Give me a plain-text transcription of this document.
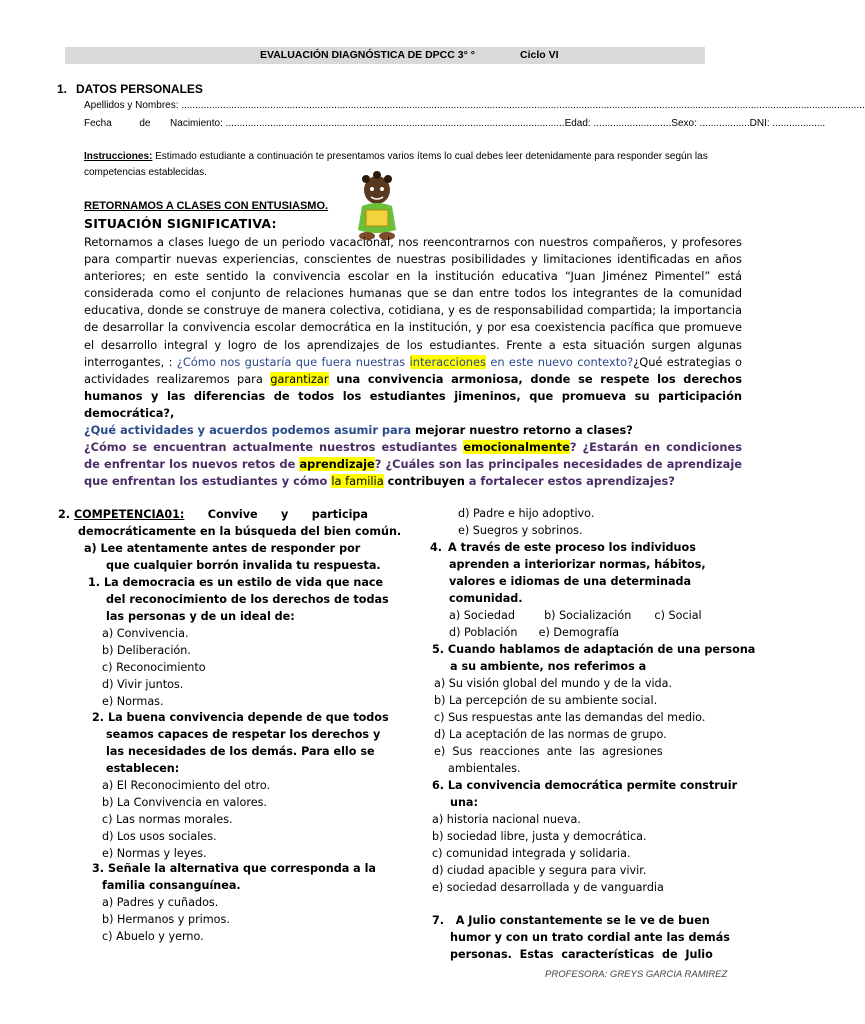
EVALUACIÓN DIAGNÓSTICA DE DPCC 3° °	Ciclo VI
1. DATOS PERSONALES
Apellidos y Nombres: ......................................................................................................................................................................................................................................................
Fecha	de Nacimiento: ..........................................................................................................................Edad: ............................Sexo: ..................DNI: ...................
Instrucciones: Estimado estudiante a continuación te presentamos varios ítems lo cual debes leer detenidamente para responder según las competencias establecidas.
RETORNAMOS A CLASES CON ENTUSIASMO.
SITUACIÓN SIGNIFICATIVA:

Retornamos a clases luego de un periodo vacacional, nos reencontrarnos con nuestros compañeros, y profesores para compartir nuevas experiencias, conscientes de nuestras posibilidades y limitaciones identificadas en años anteriores; en este sentido la convivencia escolar en la institución educativa “Juan Jiménez Pimentel” está considerada como el conjunto de relaciones humanas que se dan entre todos los integrantes de la comunidad educativa, donde se construye de manera colectiva, cotidiana, y es de responsabilidad compartida; la importancia de desarrollar la convivencia escolar democrática en la institución, y por esa coexistencia pacífica que promueve el desarrollo integral y logro de los aprendizajes de los estudiantes. Frente a esta situación surgen algunas interrogantes, : ¿Cómo nos gustaría que fuera nuestras interacciones en este nuevo contexto?¿Qué estrategias o actividades realizaremos para garantizar una convivencia armoniosa, donde se respete los derechos humanos y las diferencias de todos los estudiantes jimeninos, que promueva su participación democrática?,

¿Qué actividades y acuerdos podemos asumir para mejorar nuestro retorno a clases?

¿Cómo se encuentran actualmente nuestros estudiantes emocionalmente? ¿Estarán en condiciones de enfrentar los nuevos retos de aprendizaje? ¿Cuáles son las principales necesidades de aprendizaje que enfrentan los estudiantes y cómo la familia contribuyen a fortalecer estos aprendizajes?

2. COMPETENCIA01: Convive y participa
democráticamente en la búsqueda del bien común.
a) Lee atentamente antes de responder por
que cualquier borrón invalida tu respuesta.
1. La democracia es un estilo de vida que nace
del reconocimiento de los derechos de todas
las personas y de un ideal de:
a) Convivencia.
b) Deliberación.
c) Reconocimiento
d) Vivir juntos.
e) Normas.
2. La buena convivencia depende de que todos
seamos capaces de respetar los derechos y
las necesidades de los demás. Para ello se
establecen:
a) El Reconocimiento del otro.
b) La Convivencia en valores.
c) Las normas morales.
d) Los usos sociales.
e) Normas y leyes.
3. Señale la alternativa que corresponda a la
familia consanguínea.
a) Padres y cuñados.
b) Hermanos y primos.
c) Abuelo y yerno.
d) Padre e hijo adoptivo.
e) Suegros y sobrinos.
4. A través de este proceso los individuos
aprenden a interiorizar normas, hábitos,
valores e idiomas de una determinada
comunidad.
a) Sociedad	b) Socialización c) Social
d) Población e) Demografía
5. Cuando hablamos de adaptación de una persona
a su ambiente, nos referimos a
a) Su visión global del mundo y de la vida.
b) La percepción de su ambiente social.
c) Sus respuestas ante las demandas del medio.
d) La aceptación de las normas de grupo.
e)  Sus  reacciones  ante  las  agresiones
ambientales.
6. La convivencia democrática permite construir
una:
a) historia nacional nueva.
b) sociedad libre, justa y democrática.
c) comunidad integrada y solidaria.
d) ciudad apacible y segura para vivir.
e) sociedad desarrollada y de vanguardia
7. A Julio constantemente se le ve de buen
humor y con un trato cordial ante las demás
personas.  Estas  características  de  Julio
PROFESORA: GREYS GARCIA RAMIREZ
